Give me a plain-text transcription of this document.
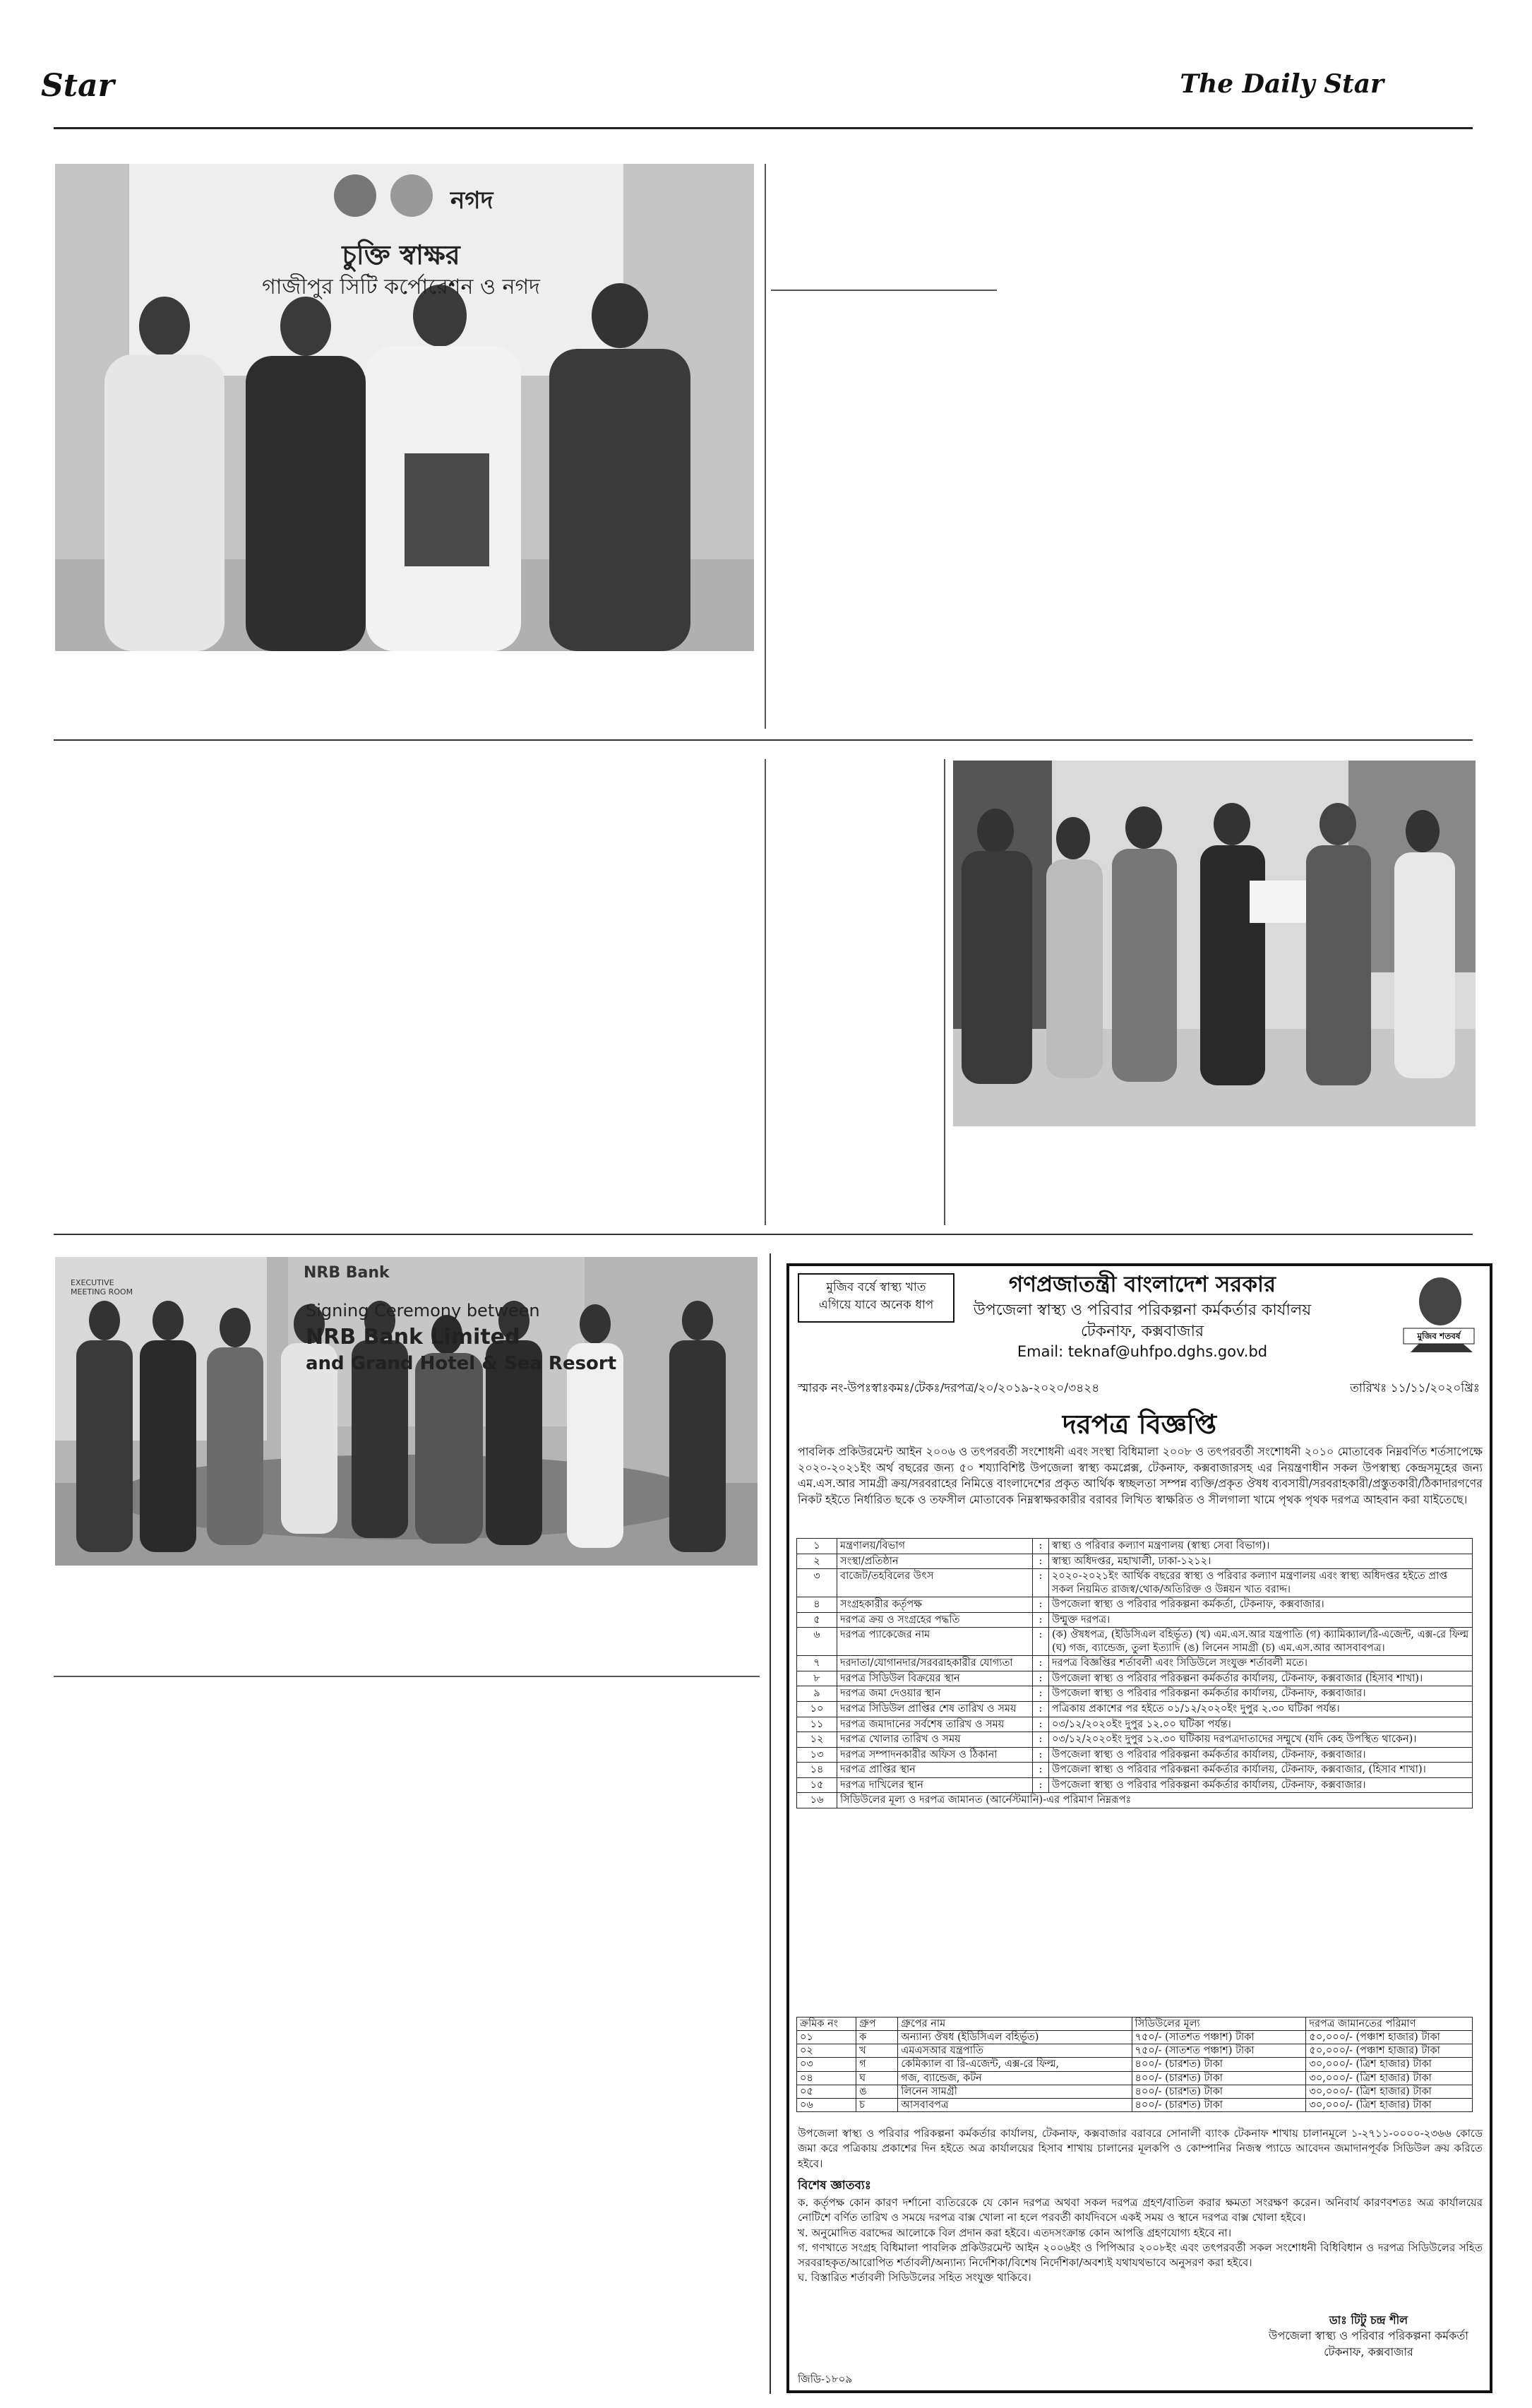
Star	The Daily Star
নগদ
চুক্তি স্বাক্ষর
গাজীপুর সিটি কর্পোরেশন ও নগদ
EXECUTIVE MEETING ROOM
NRB Bank
Signing Ceremony between
NRB Bank Limited
and Grand Hotel & Sea Resort
মুজিব বর্ষে স্বাস্থ্য খাত
এগিয়ে যাবে অনেক ধাপ
গণপ্রজাতন্ত্রী বাংলাদেশ সরকার
উপজেলা স্বাস্থ্য ও পরিবার পরিকল্পনা কর্মকর্তার কার্যালয়
টেকনাফ, কক্সবাজার
Email: teknaf@uhfpo.dghs.gov.bd
মুজিব শতবর্ষ
স্মারক নং-উপঃস্বাঃকমঃ/টেকঃ/দরপত্র/২০/২০১৯-২০২০/৩৪২৪	তারিখঃ ১১/১১/২০২০খ্রিঃ
দরপত্র বিজ্ঞপ্তি
পাবলিক প্রকিউরমেন্ট আইন ২০০৬ ও তৎপরবর্তী সংশোধনী এবং সংস্থা বিধিমালা ২০০৮ ও তৎপরবর্তী সংশোধনী ২০১০ মোতাবেক নিম্নবর্ণিত শর্তসাপেক্ষে ২০২০-২০২১ইং অর্থ বছরের জন্য ৫০ শয্যাবিশিষ্ট উপজেলা স্বাস্থ্য কমপ্লেক্স, টেকনাফ, কক্সবাজারসহ এর নিয়ন্ত্রণাধীন সকল উপস্বাস্থ্য কেন্দ্রসমূহের জন্য এম.এস.আর সামগ্রী ক্রয়/সরবরাহের নিমিত্তে বাংলাদেশের প্রকৃত আর্থিক স্বচ্ছলতা সম্পন্ন ব্যক্তি/প্রকৃত ঔষধ ব্যবসায়ী/সরবরাহকারী/প্রস্তুতকারী/ঠিকাদারগণের নিকট হইতে নির্ধারিত ছকে ও তফসীল মোতাবেক নিম্নস্বাক্ষরকারীর বরাবর লিখিত স্বাক্ষরিত ও সীলগালা খামে পৃথক পৃথক দরপত্র আহবান করা যাইতেছে।
১	মন্ত্রণালয়/বিভাগ	:	স্বাস্থ্য ও পরিবার কল্যাণ মন্ত্রণালয় (স্বাস্থ্য সেবা বিভাগ)।
২	সংস্থা/প্রতিষ্ঠান	:	স্বাস্থ্য অধিদপ্তর, মহাখালী, ঢাকা-১২১২।
৩	বাজেট/তহবিলের উৎস	:	২০২০-২০২১ইং আর্থিক বছরের স্বাস্থ্য ও পরিবার কল্যাণ মন্ত্রণালয় এবং স্বাস্থ্য অধিদপ্তর হইতে প্রাপ্ত সকল নিয়মিত রাজস্ব/থোক/অতিরিক্ত ও উন্নয়ন খাত বরাদ্দ।
৪	সংগ্রহকারীর কর্তৃপক্ষ	:	উপজেলা স্বাস্থ্য ও পরিবার পরিকল্পনা কর্মকর্তা, টেকনাফ, কক্সবাজার।
৫	দরপত্র ক্রয় ও সংগ্রহের পদ্ধতি	:	উন্মুক্ত দরপত্র।
৬	দরপত্র প্যাকেজের নাম	:	(ক) ঔষধপত্র, (ইডিসিএল বহির্ভূত) (খ) এম.এস.আর যন্ত্রপাতি (গ) ক্যামিক্যাল/রি-এজেন্ট, এক্স-রে ফিল্ম (ঘ) গজ, ব্যান্ডেজ, তুলা ইত্যাদি (ঙ) লিনেন সামগ্রী (চ) এম.এস.আর আসবাবপত্র।
৭	দরদাতা/যোগানদার/সরবরাহকারীর যোগ্যতা	:	দরপত্র বিজ্ঞপ্তির শর্তাবলী এবং সিডিউলে সংযুক্ত শর্তাবলী মতে।
৮	দরপত্র সিডিউল বিক্রয়ের স্থান	:	উপজেলা স্বাস্থ্য ও পরিবার পরিকল্পনা কর্মকর্তার কার্যালয়, টেকনাফ, কক্সবাজার (হিসাব শাখা)।
৯	দরপত্র জমা দেওয়ার স্থান	:	উপজেলা স্বাস্থ্য ও পরিবার পরিকল্পনা কর্মকর্তার কার্যালয়, টেকনাফ, কক্সবাজার।
১০	দরপত্র সিডিউল প্রাপ্তির শেষ তারিখ ও সময়	:	পত্রিকায় প্রকাশের পর হইতে ০১/১২/২০২০ইং দুপুর ২.৩০ ঘটিকা পর্যন্ত।
১১	দরপত্র জমাদানের সর্বশেষ তারিখ ও সময়	:	০৩/১২/২০২০ইং দুপুর ১২.০০ ঘটিকা পর্যন্ত।
১২	দরপত্র খোলার তারিখ ও সময়	:	০৩/১২/২০২০ইং দুপুর ১২.৩০ ঘটিকায় দরপত্রদাতাদের সম্মুখে (যদি কেহ উপস্থিত থাকেন)।
১৩	দরপত্র সম্পাদনকারীর অফিস ও ঠিকানা	:	উপজেলা স্বাস্থ্য ও পরিবার পরিকল্পনা কর্মকর্তার কার্যালয়, টেকনাফ, কক্সবাজার।
১৪	দরপত্র প্রাপ্তির স্থান	:	উপজেলা স্বাস্থ্য ও পরিবার পরিকল্পনা কর্মকর্তার কার্যালয়, টেকনাফ, কক্সবাজার, (হিসাব শাখা)।
১৫	দরপত্র দাখিলের স্থান	:	উপজেলা স্বাস্থ্য ও পরিবার পরিকল্পনা কর্মকর্তার কার্যালয়, টেকনাফ, কক্সবাজার।
১৬	সিডিউলের মূল্য ও দরপত্র জামানত (আর্নেস্টমানি)-এর পরিমাণ নিম্নরূপঃ		
ক্রমিক নং	গ্রুপ	গ্রুপের নাম	সিডিউলের মূল্য	দরপত্র জামানতের পরিমাণ
০১	ক	অন্যান্য ঔষধ (ইডিসিএল বহির্ভূত)	৭৫০/- (সাতশত পঞ্চাশ) টাকা	৫০,০০০/- (পঞ্চাশ হাজার) টাকা
০২	খ	এমএসআর যন্ত্রপাতি	৭৫০/- (সাতশত পঞ্চাশ) টাকা	৫০,০০০/- (পঞ্চাশ হাজার) টাকা
০৩	গ	কেমিক্যাল বা রি-এজেন্ট, এক্স-রে ফিল্ম,	৪০০/- (চারশত) টাকা	৩০,০০০/- (ত্রিশ হাজার) টাকা
০৪	ঘ	গজ, ব্যান্ডেজ, কটন	৪০০/- (চারশত) টাকা	৩০,০০০/- (ত্রিশ হাজার) টাকা
০৫	ঙ	লিনেন সামগ্রী	৪০০/- (চারশত) টাকা	৩০,০০০/- (ত্রিশ হাজার) টাকা
০৬	চ	আসবাবপত্র	৪০০/- (চারশত) টাকা	৩০,০০০/- (ত্রিশ হাজার) টাকা
উপজেলা স্বাস্থ্য ও পরিবার পরিকল্পনা কর্মকর্তার কার্যালয়, টেকনাফ, কক্সবাজার বরাবরে সোনালী ব্যাংক টেকনাফ শাখায় চালানমূলে ১-২৭১১-০০০০-২৩৬৬ কোডে জমা করে পত্রিকায় প্রকাশের দিন হইতে অত্র কার্যালয়ের হিসাব শাখায় চালানের মূলকপি ও কোম্পানির নিজস্ব প্যাডে আবেদন জমাদানপূর্বক সিডিউল ক্রয় করিতে হইবে।
বিশেষ জ্ঞাতব্যঃ
ক. কর্তৃপক্ষ কোন কারণ দর্শানো ব্যতিরেকে যে কোন দরপত্র অথবা সকল দরপত্র গ্রহণ/বাতিল করার ক্ষমতা সংরক্ষণ করেন। অনিবার্য কারণবশতঃ অত্র কার্যালয়ের নোটিশে বর্ণিত তারিখ ও সময়ে দরপত্র বাক্স খোলা না হলে পরবর্তী কার্যদিবসে একই সময় ও স্থানে দরপত্র বাক্স খোলা হইবে।
খ. অনুমোদিত বরাদ্দের আলোকে বিল প্রদান করা হইবে। এতদসংক্রান্ত কোন আপত্তি গ্রহণযোগ্য হইবে না।
গ. গণখাতে সংগ্রহ বিধিমালা পাবলিক প্রকিউরমেন্ট আইন ২০০৬ইং ও পিপিআর ২০০৮ইং এবং তৎপরবর্তী সকল সংশোধনী বিধিবিধান ও দরপত্র সিডিউলের সহিত সরবরাহকৃত/আরোপিত শর্তাবলী/অন্যান্য নির্দেশিকা/বিশেষ নির্দেশিকা/অবশ্যই যথাযথভাবে অনুসরণ করা হইবে।
ঘ. বিস্তারিত শর্তাবলী সিডিউলের সহিত সংযুক্ত থাকিবে।
ডাঃ টিটু চন্দ্র শীল
উপজেলা স্বাস্থ্য ও পরিবার পরিকল্পনা কর্মকর্তা
টেকনাফ, কক্সবাজার
জিডি-১৮০৯
